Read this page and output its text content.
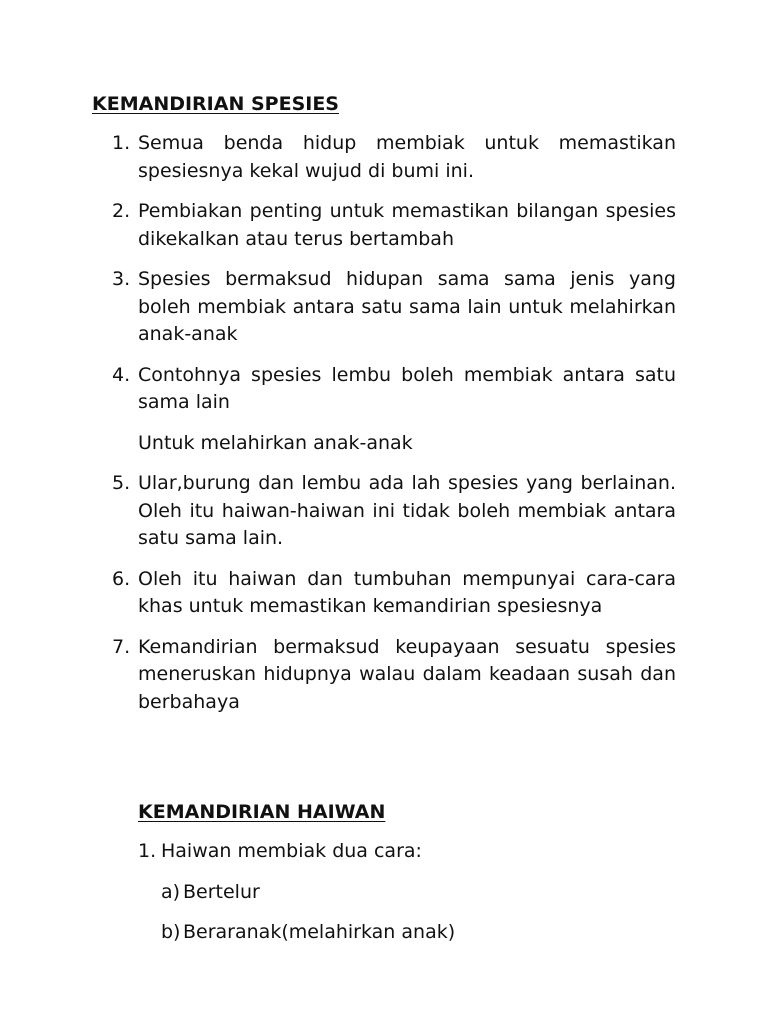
KEMANDIRIAN SPESIES
1. Semua benda hidup membiak untuk memastikan spesiesnya kekal wujud di bumi ini.
2. Pembiakan penting untuk memastikan bilangan spesies dikekalkan atau terus bertambah
3. Spesies bermaksud hidupan sama sama jenis yang boleh membiak antara satu sama lain untuk melahirkan anak-anak
4. Contohnya spesies lembu boleh membiak antara satu sama lain
Untuk melahirkan anak-anak
5. Ular,burung dan lembu ada lah spesies yang berlainan. Oleh itu haiwan-haiwan ini tidak boleh membiak antara satu sama lain.
6. Oleh itu haiwan dan tumbuhan mempunyai cara-cara khas untuk memastikan kemandirian spesiesnya
7. Kemandirian bermaksud keupayaan sesuatu spesies meneruskan hidupnya walau dalam keadaan susah dan berbahaya
KEMANDIRIAN HAIWAN
1. Haiwan membiak dua cara:
a) Bertelur
b) Beraranak(melahirkan anak)
